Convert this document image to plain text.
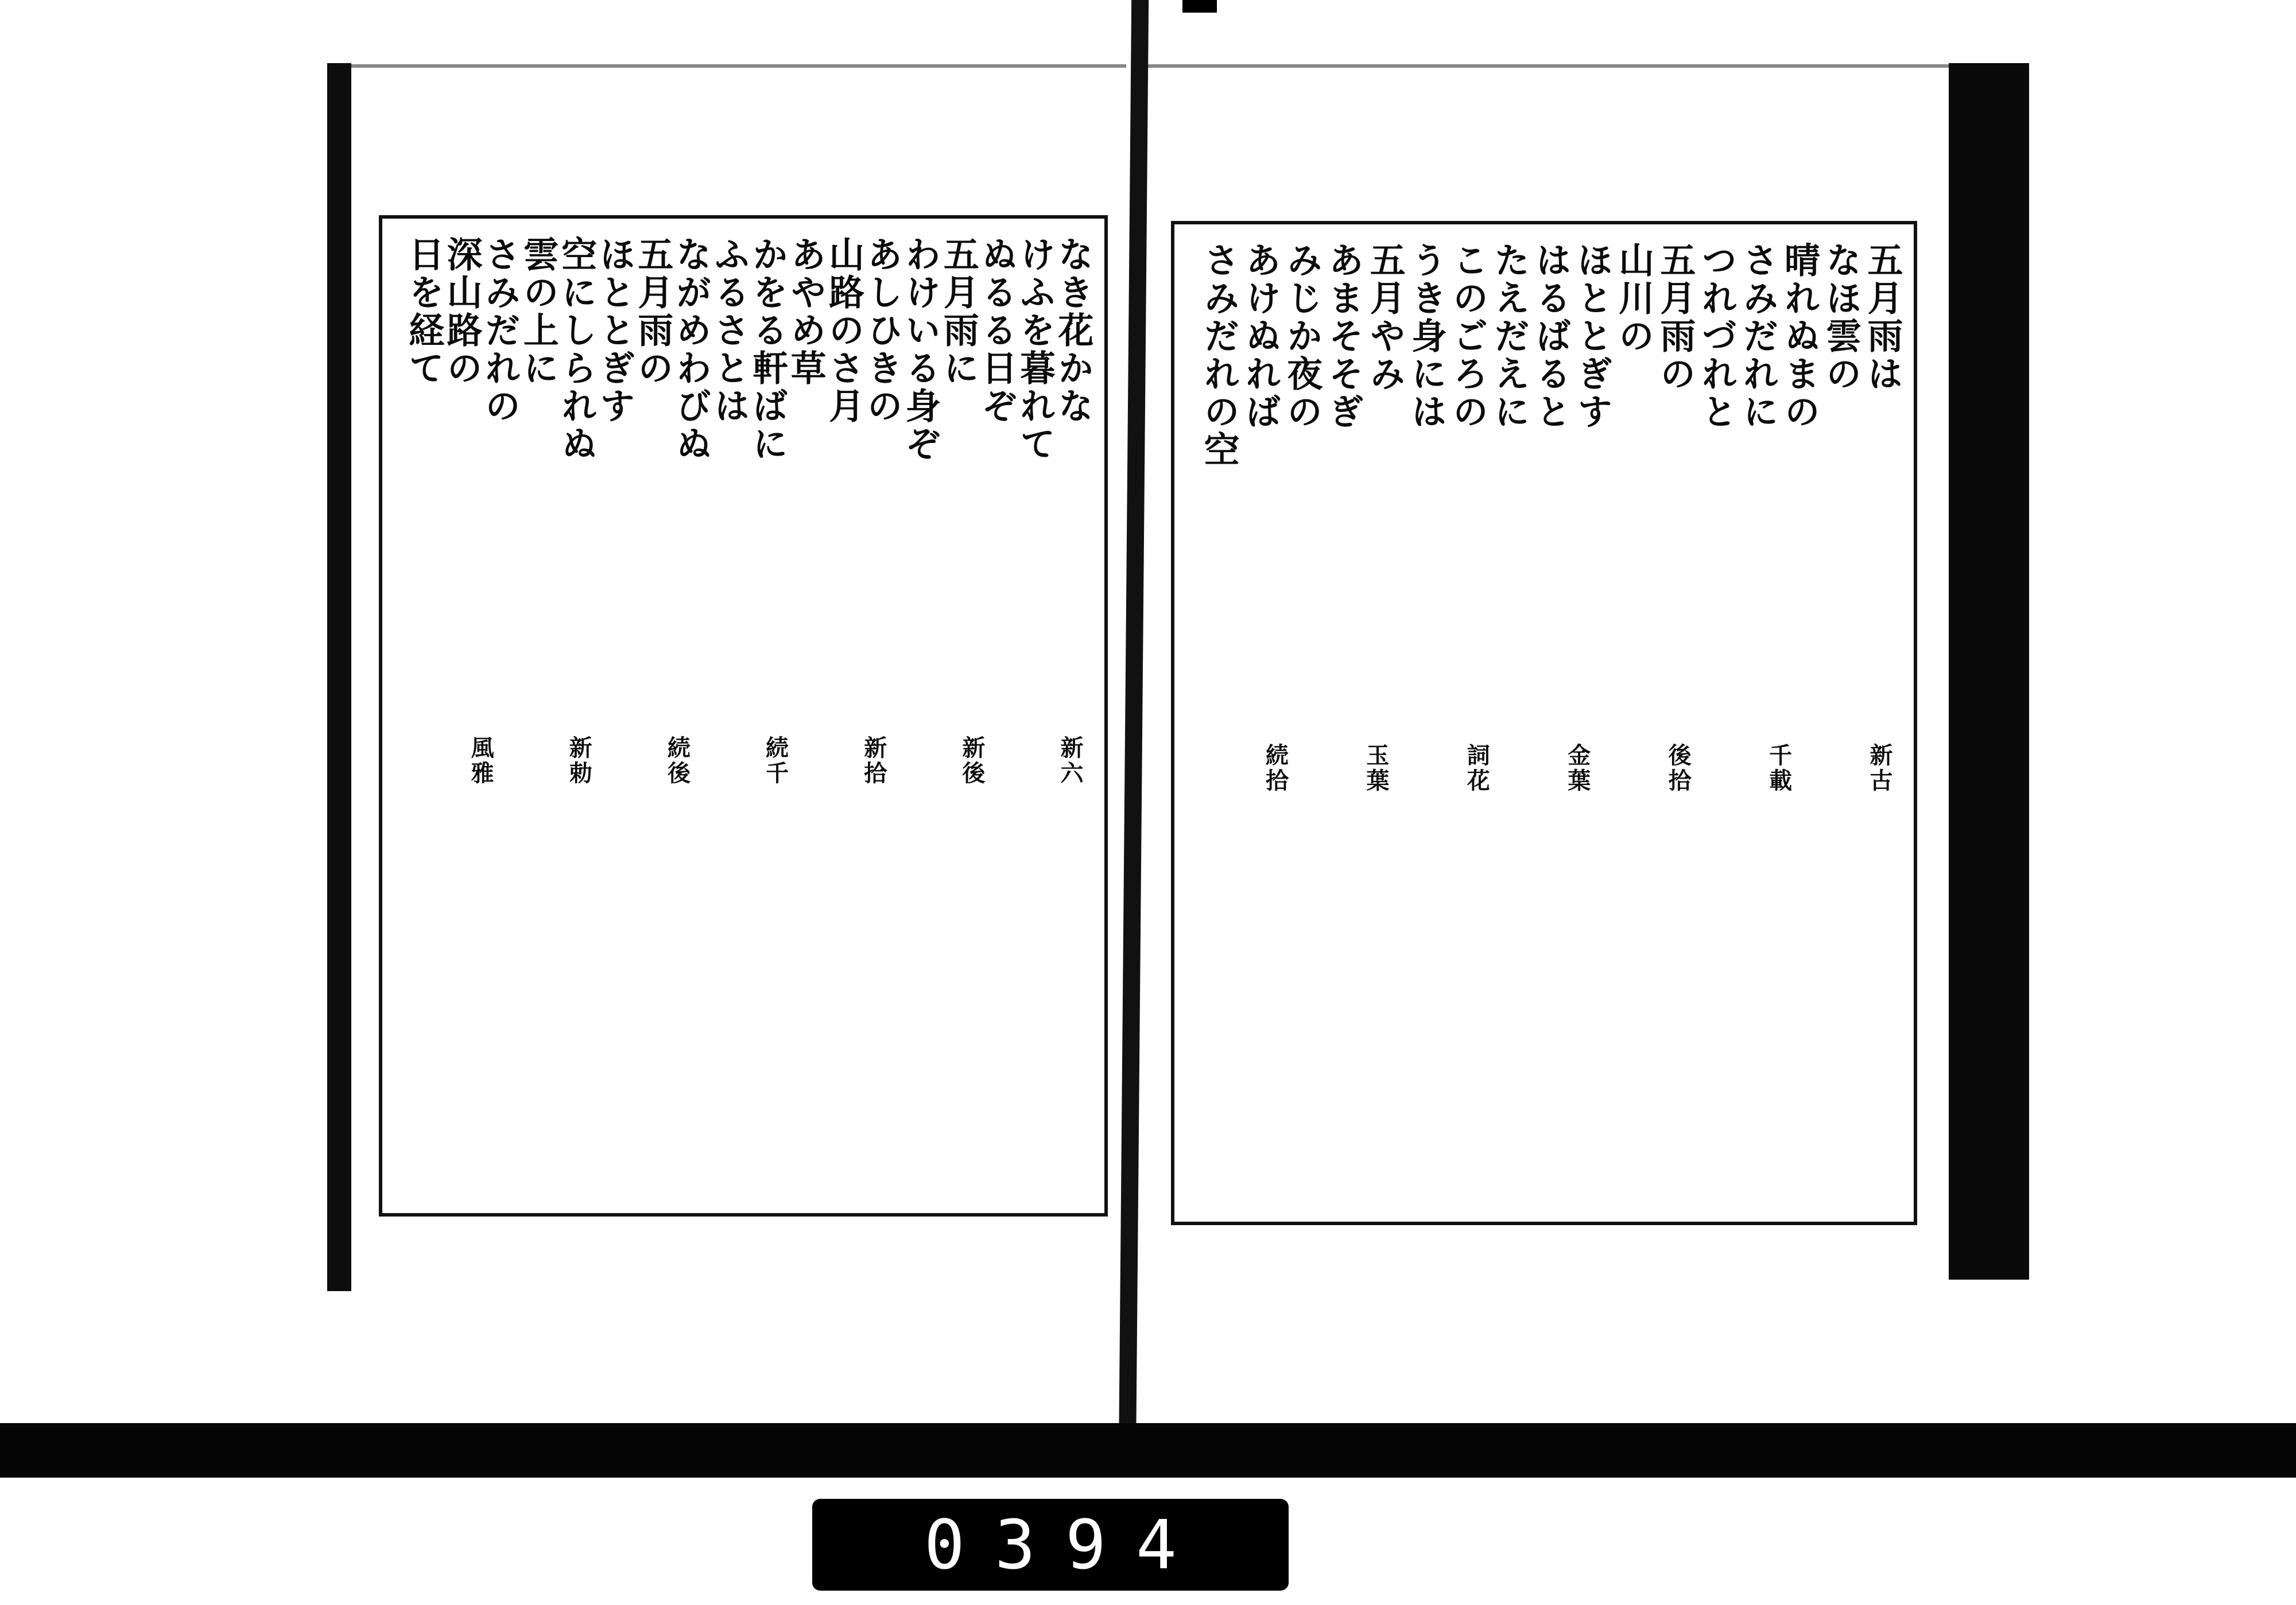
なき花かな
けふを暮れて
ぬるる日ぞ
五月雨に
わけいる身ぞ
あしひきの
山路のさ月
あやめ草
かをる軒ばに
ふるさとは
ながめわびぬ
五月雨の
ほととぎす
空にしられぬ
雲の上に
さみだれの
深山路の
日を経て
新六
新後
新拾
続千
続後
新勅
風雅
五月雨は
なほ雲の
晴れぬまの
さみだれに
つれづれと
五月雨の
山川の
ほととぎす
はるばると
たえだえに
このごろの
うき身には
五月やみ
あまそそぎ
みじか夜の
あけぬれば
さみだれの空
新古
千載
後拾
金葉
詞花
玉葉
続拾
0394
